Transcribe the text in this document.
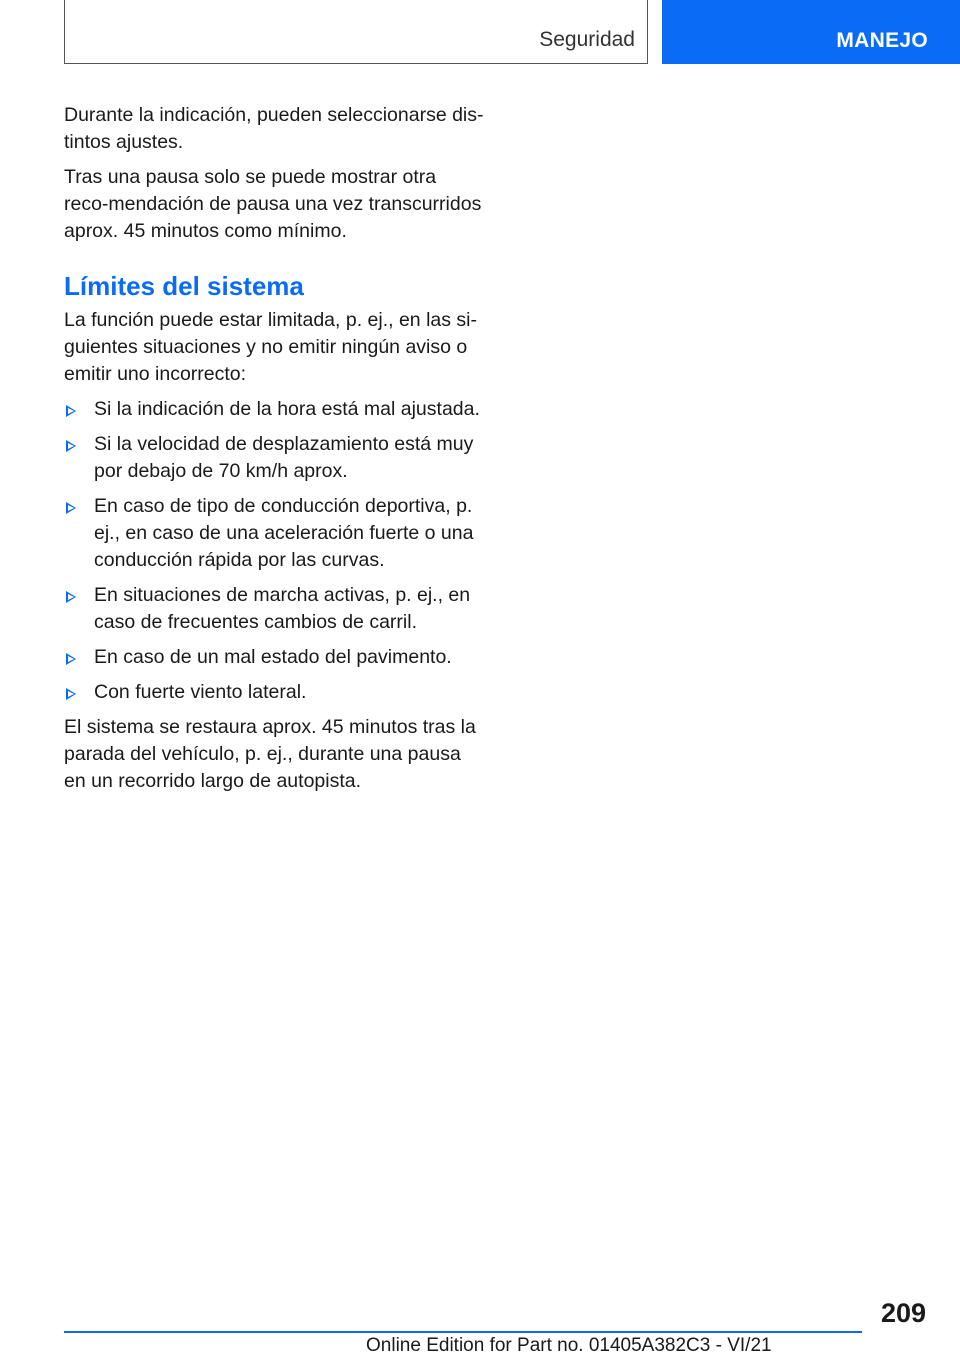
Seguridad	MANEJO

Durante la indicación, pueden seleccionarse dis-tintos ajustes.

Tras una pausa solo se puede mostrar otra reco-mendación de pausa una vez transcurridos aprox. 45 minutos como mínimo.

Límites del sistema

La función puede estar limitada, p. ej., en las si-guientes situaciones y no emitir ningún aviso o emitir uno incorrecto:

Si la indicación de la hora está mal ajustada.
Si la velocidad de desplazamiento está muy por debajo de 70 km/h aprox.
En caso de tipo de conducción deportiva, p. ej., en caso de una aceleración fuerte o una conducción rápida por las curvas.
En situaciones de marcha activas, p. ej., en caso de frecuentes cambios de carril.
En caso de un mal estado del pavimento.
Con fuerte viento lateral.

El sistema se restaura aprox. 45 minutos tras la parada del vehículo, p. ej., durante una pausa en un recorrido largo de autopista.

209
Online Edition for Part no. 01405A382C3 - VI/21
